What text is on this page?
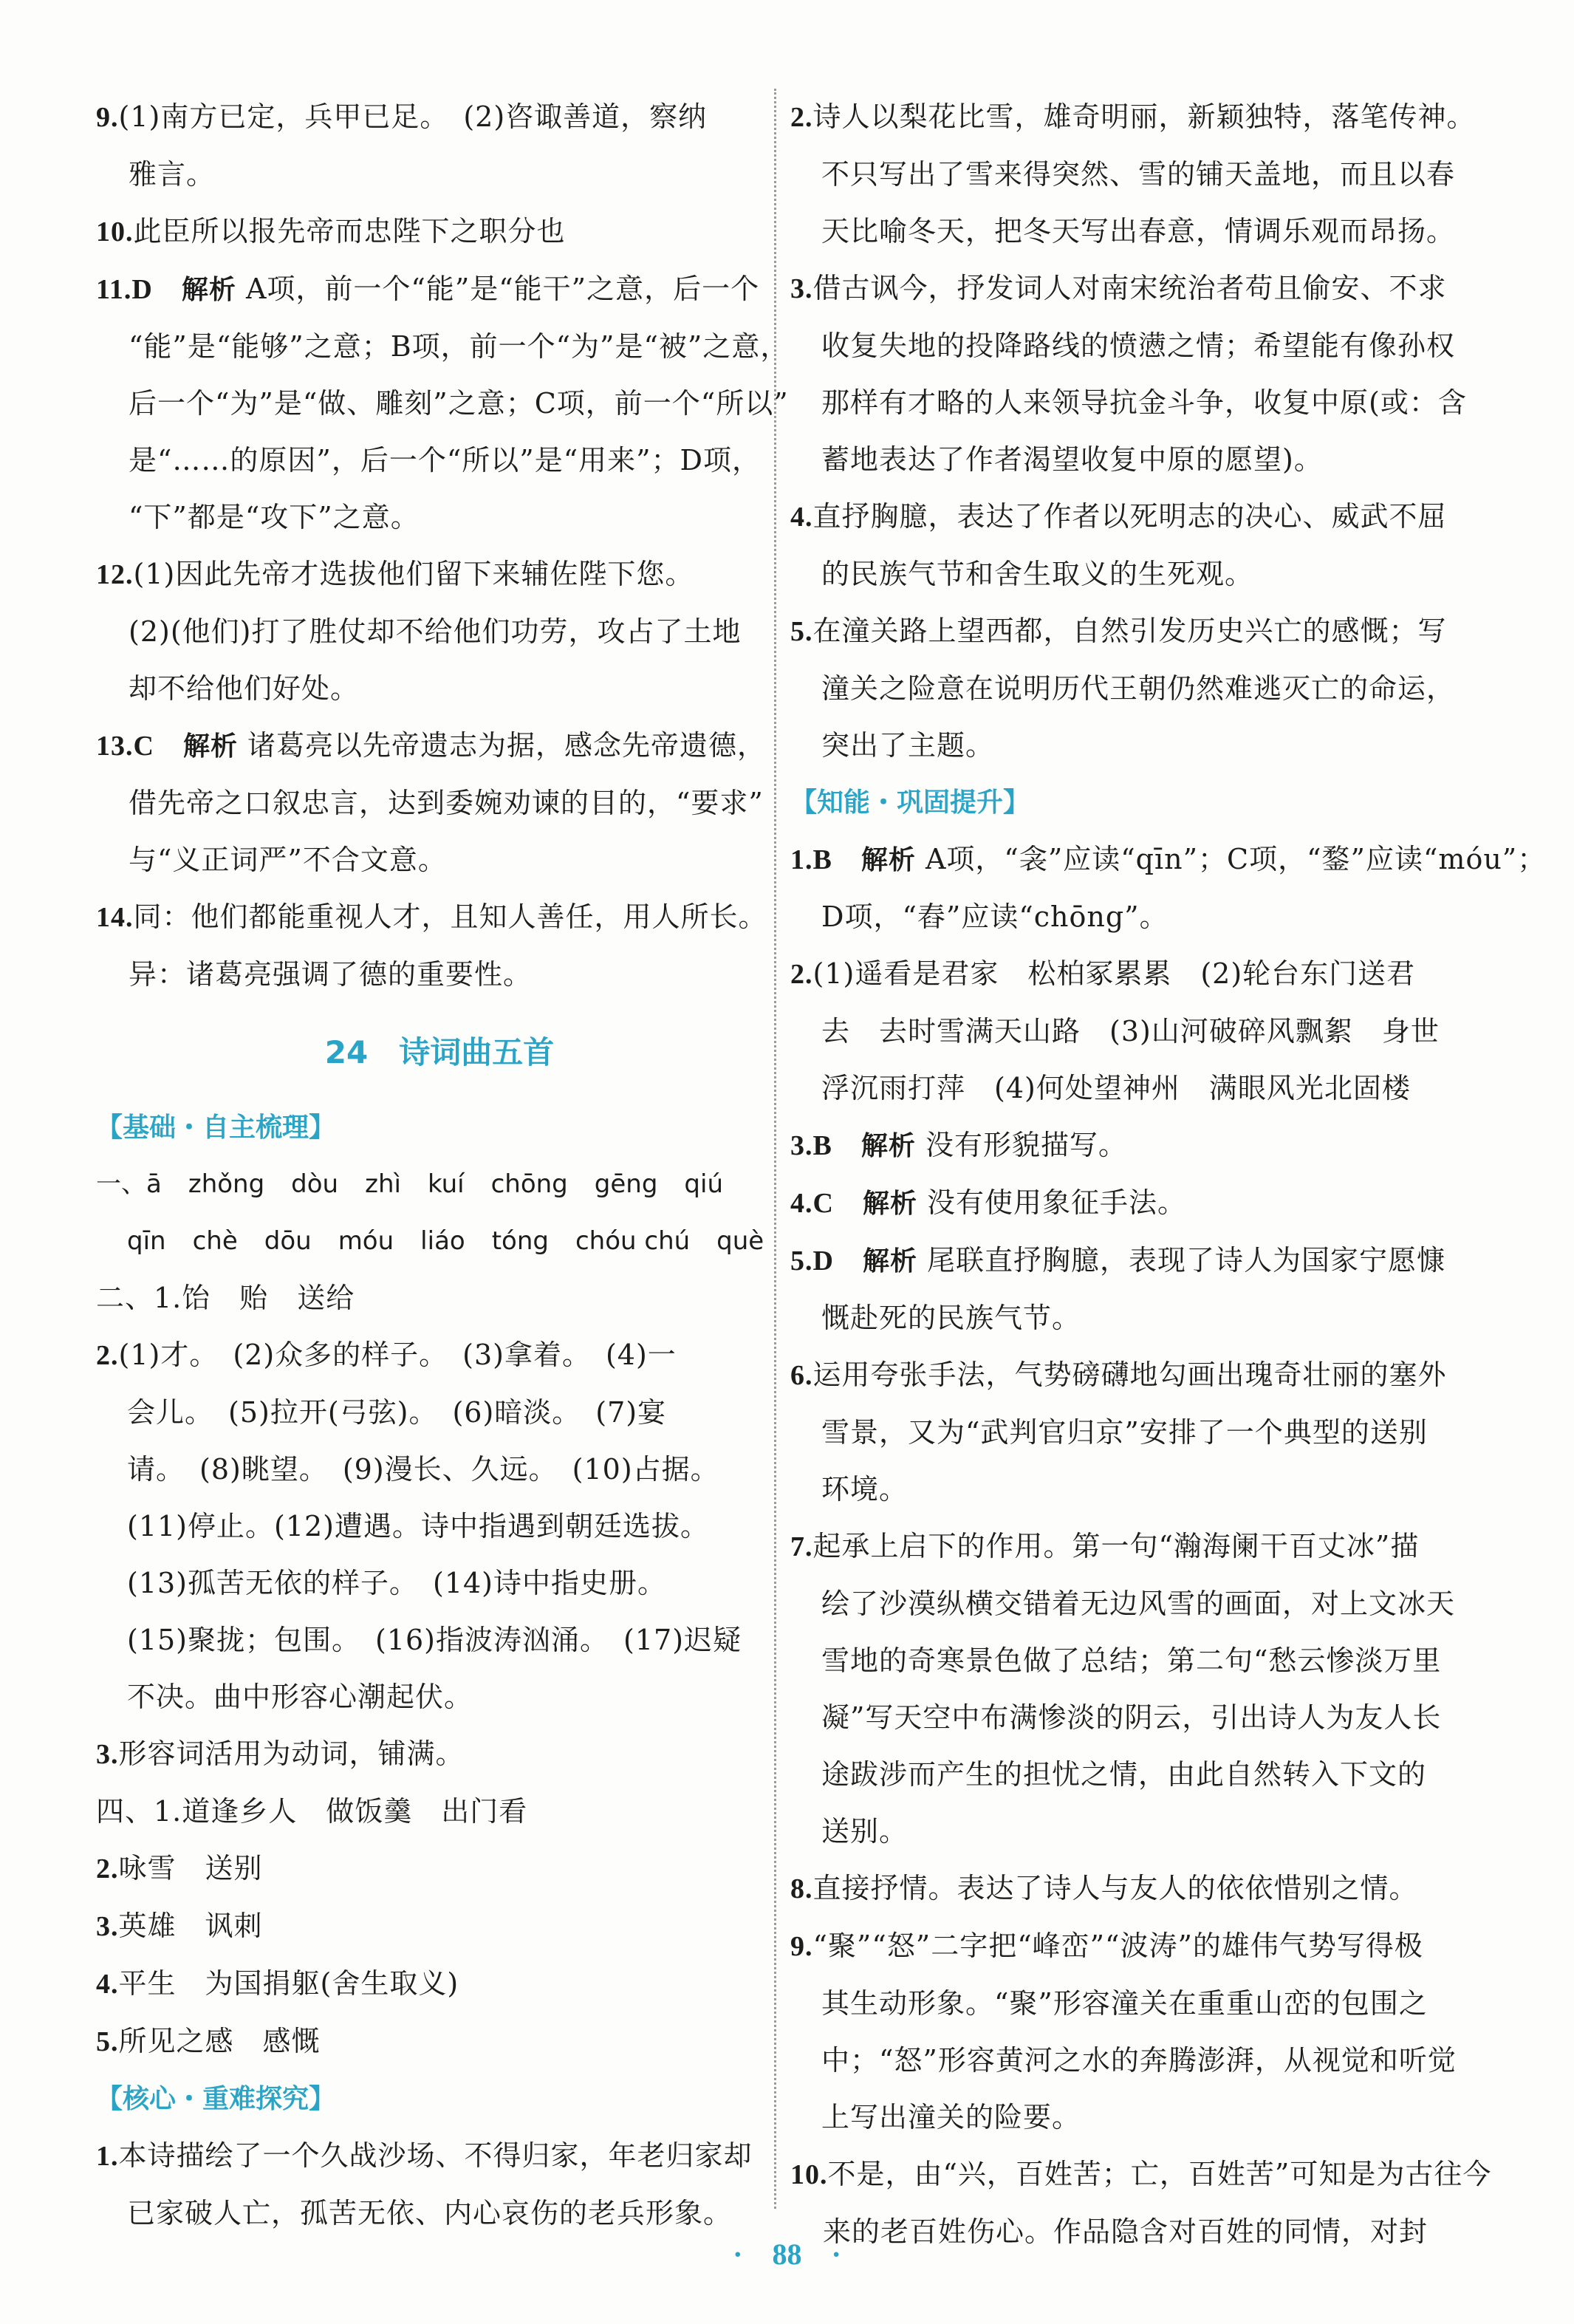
9.(1)南方已定，兵甲已足。　(2)咨诹善道，察纳
雅言。
10.此臣所以报先帝而忠陛下之职分也
11.D　解析 A项，前一个“能”是“能干”之意，后一个
“能”是“能够”之意；B项，前一个“为”是“被”之意，
后一个“为”是“做、雕刻”之意；C项，前一个“所以”
是“……的原因”，后一个“所以”是“用来”；D项，
“下”都是“攻下”之意。
12.(1)因此先帝才选拔他们留下来辅佐陛下您。
(2)(他们)打了胜仗却不给他们功劳，攻占了土地
却不给他们好处。
13.C　解析 诸葛亮以先帝遗志为据，感念先帝遗德，
借先帝之口叙忠言，达到委婉劝谏的目的，“要求”
与“义正词严”不合文意。
14.同：他们都能重视人才，且知人善任，用人所长。
异：诸葛亮强调了德的重要性。
24　诗词曲五首
【基础・自主梳理】
一、ā zhǒng dòu zhì kuí chōng gēng qiú
qīn chè dōu móu liáo tóng chóu chú què
二、1.饴　贻　送给
2.(1)才。　(2)众多的样子。　(3)拿着。　(4)一
会儿。　(5)拉开(弓弦)。　(6)暗淡。　(7)宴
请。　(8)眺望。　(9)漫长、久远。　(10)占据。
(11)停止。(12)遭遇。诗中指遇到朝廷选拔。
(13)孤苦无依的样子。　(14)诗中指史册。
(15)聚拢；包围。　(16)指波涛汹涌。　(17)迟疑
不决。曲中形容心潮起伏。
3.形容词活用为动词，铺满。
四、1.道逢乡人　做饭羹　出门看
2.咏雪　送别
3.英雄　讽刺
4.平生　为国捐躯(舍生取义)
5.所见之感　感慨
【核心・重难探究】
1.本诗描绘了一个久战沙场、不得归家，年老归家却
已家破人亡，孤苦无依、内心哀伤的老兵形象。
2.诗人以梨花比雪，雄奇明丽，新颖独特，落笔传神。
不只写出了雪来得突然、雪的铺天盖地，而且以春
天比喻冬天，把冬天写出春意，情调乐观而昂扬。
3.借古讽今，抒发词人对南宋统治者苟且偷安、不求
收复失地的投降路线的愤懑之情；希望能有像孙权
那样有才略的人来领导抗金斗争，收复中原(或：含
蓄地表达了作者渴望收复中原的愿望)。
4.直抒胸臆，表达了作者以死明志的决心、威武不屈
的民族气节和舍生取义的生死观。
5.在潼关路上望西都，自然引发历史兴亡的感慨；写
潼关之险意在说明历代王朝仍然难逃灭亡的命运，
突出了主题。
【知能・巩固提升】
1.B　解析 A项，“衾”应读“qīn”；C项，“鍪”应读“móu”；
D项，“舂”应读“chōng”。
2.(1)遥看是君家　松柏冢累累　(2)轮台东门送君
去　去时雪满天山路　(3)山河破碎风飘絮　身世
浮沉雨打萍　(4)何处望神州　满眼风光北固楼
3.B　解析 没有形貌描写。
4.C　解析 没有使用象征手法。
5.D　解析 尾联直抒胸臆，表现了诗人为国家宁愿慷
慨赴死的民族气节。
6.运用夸张手法，气势磅礴地勾画出瑰奇壮丽的塞外
雪景，又为“武判官归京”安排了一个典型的送别
环境。
7.起承上启下的作用。第一句“瀚海阑干百丈冰”描
绘了沙漠纵横交错着无边风雪的画面，对上文冰天
雪地的奇寒景色做了总结；第二句“愁云惨淡万里
凝”写天空中布满惨淡的阴云，引出诗人为友人长
途跋涉而产生的担忧之情，由此自然转入下文的
送别。
8.直接抒情。表达了诗人与友人的依依惜别之情。
9.“聚”“怒”二字把“峰峦”“波涛”的雄伟气势写得极
其生动形象。“聚”形容潼关在重重山峦的包围之
中；“怒”形容黄河之水的奔腾澎湃，从视觉和听觉
上写出潼关的险要。
10.不是，由“兴，百姓苦；亡，百姓苦”可知是为古往今
来的老百姓伤心。作品隐含对百姓的同情，对封
·　88　·
